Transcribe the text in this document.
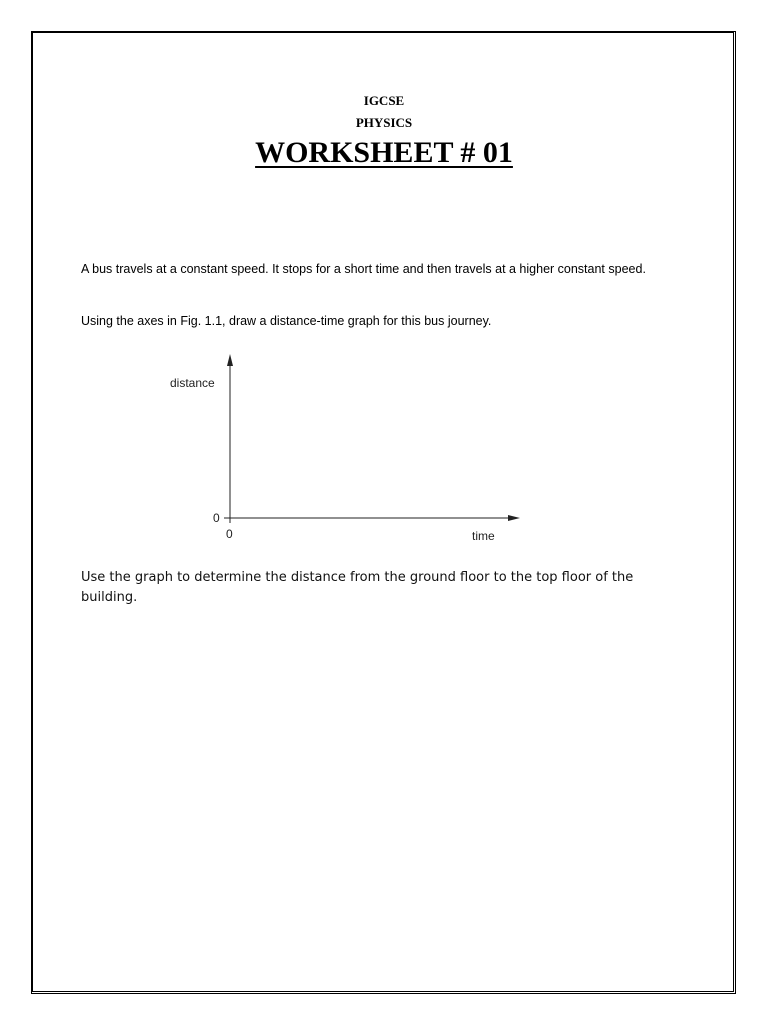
IGCSE
PHYSICS
WORKSHEET # 01
A bus travels at a constant speed. It stops for a short time and then travels at a higher constant speed.
Using the axes in Fig. 1.1, draw a distance-time graph for this bus journey.
distance
time
0
0
Use the graph to determine the distance from the ground floor to the top floor of the building.
